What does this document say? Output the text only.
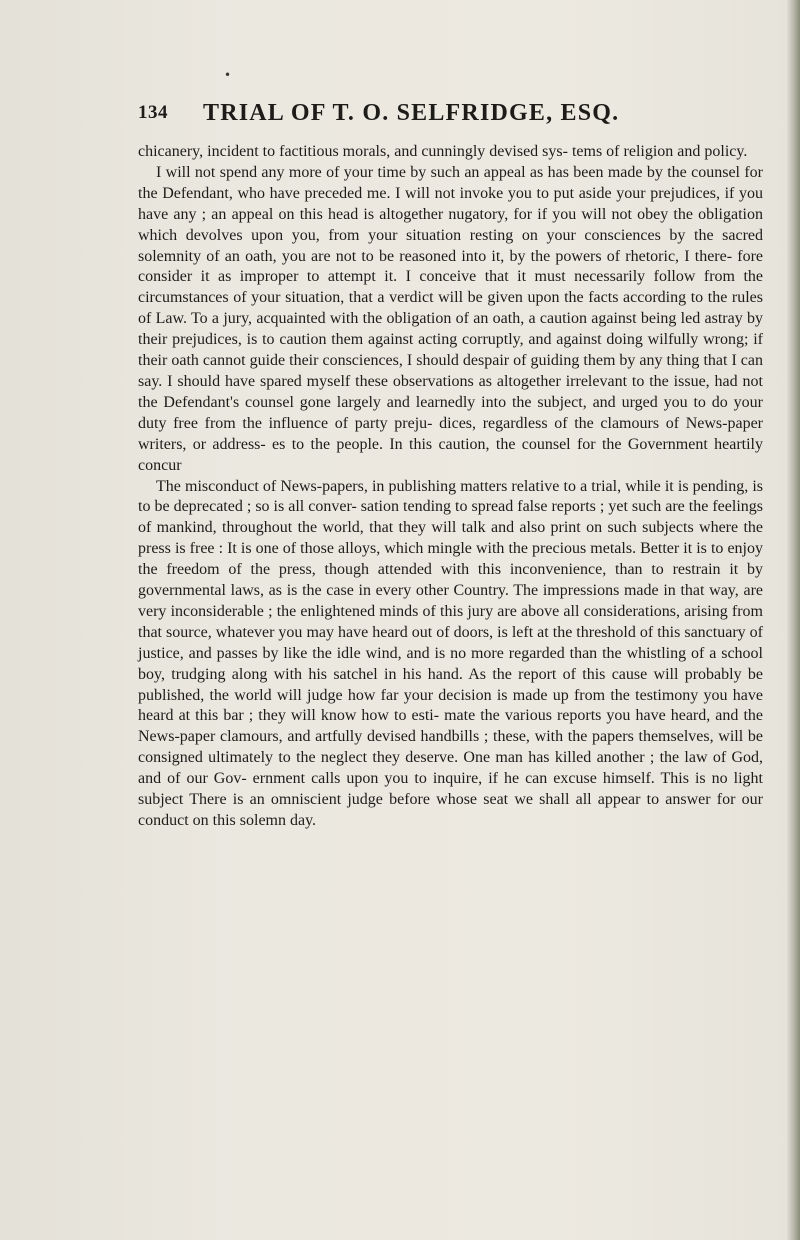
•
134 TRIAL OF T. O. SELFRIDGE, ESQ.

chicanery, incident to factitious morals, and cunningly devised sys- tems of religion and policy.

I will not spend any more of your time by such an appeal as has been made by the counsel for the Defendant, who have preceded me. I will not invoke you to put aside your prejudices, if you have any ; an appeal on this head is altogether nugatory, for if you will not obey the obligation which devolves upon you, from your situation resting on your consciences by the sacred solemnity of an oath, you are not to be reasoned into it, by the powers of rhetoric, I there- fore consider it as improper to attempt it. I conceive that it must necessarily follow from the circumstances of your situation, that a verdict will be given upon the facts according to the rules of Law. To a jury, acquainted with the obligation of an oath, a caution against being led astray by their prejudices, is to caution them against acting corruptly, and against doing wilfully wrong; if their oath cannot guide their consciences, I should despair of guiding them by any thing that I can say. I should have spared myself these observations as altogether irrelevant to the issue, had not the Defendant's counsel gone largely and learnedly into the subject, and urged you to do your duty free from the influence of party preju- dices, regardless of the clamours of News-paper writers, or address- es to the people. In this caution, the counsel for the Government heartily concur

The misconduct of News-papers, in publishing matters relative to a trial, while it is pending, is to be deprecated ; so is all conver- sation tending to spread false reports ; yet such are the feelings of mankind, throughout the world, that they will talk and also print on such subjects where the press is free : It is one of those alloys, which mingle with the precious metals. Better it is to enjoy the freedom of the press, though attended with this inconvenience, than to restrain it by governmental laws, as is the case in every other Country. The impressions made in that way, are very inconsiderable ; the enlightened minds of this jury are above all considerations, arising from that source, whatever you may have heard out of doors, is left at the threshold of this sanctuary of justice, and passes by like the idle wind, and is no more regarded than the whistling of a school boy, trudging along with his satchel in his hand. As the report of this cause will probably be published, the world will judge how far your decision is made up from the testimony you have heard at this bar ; they will know how to esti- mate the various reports you have heard, and the News-paper clamours, and artfully devised handbills ; these, with the papers themselves, will be consigned ultimately to the neglect they deserve. One man has killed another ; the law of God, and of our Gov- ernment calls upon you to inquire, if he can excuse himself. This is no light subject There is an omniscient judge before whose seat we shall all appear to answer for our conduct on this solemn day.
